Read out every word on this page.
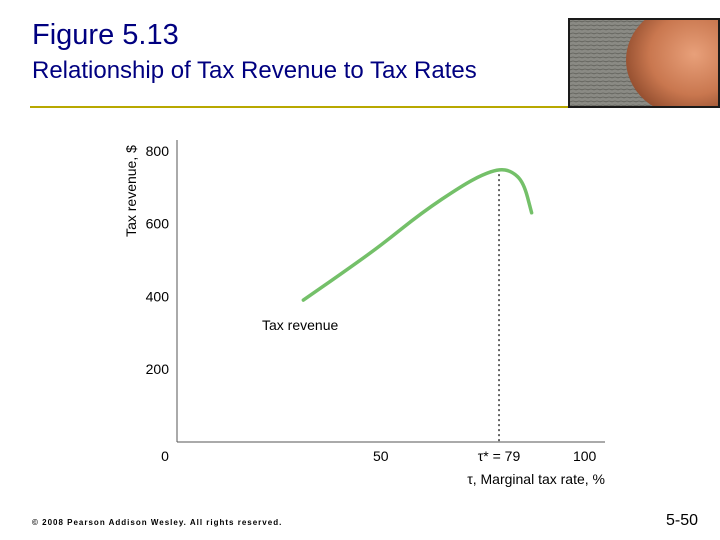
Figure 5.13
Relationship of Tax Revenue to Tax Rates
200
400
600
800
0	50	100
Tax revenue, $
τ, Marginal tax rate, %
τ* = 79
Tax revenue
© 2008 Pearson Addison Wesley. All rights reserved.	5-50
